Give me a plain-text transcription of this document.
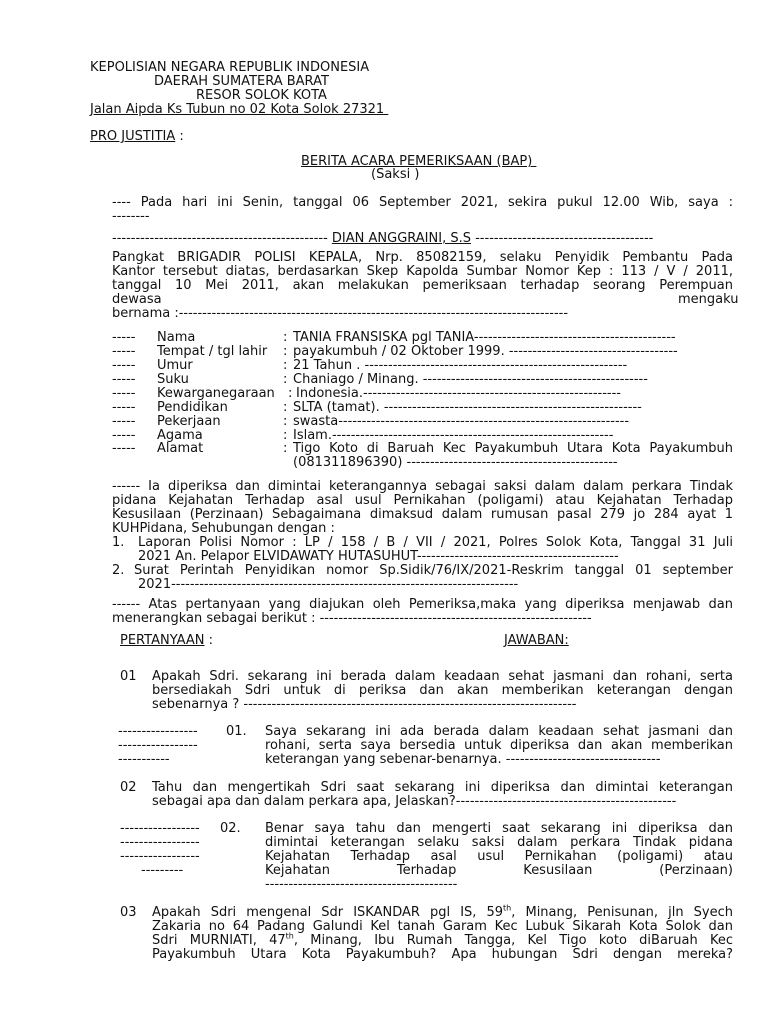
KEPOLISIAN NEGARA REPUBLIK INDONESIA
DAERAH SUMATERA BARAT
RESOR SOLOK KOTA
Jalan Aipda Ks Tubun no 02 Kota Solok 27321
PRO JUSTITIA :
BERITA ACARA PEMERIKSAAN (BAP)
(Saksi )
---- Pada hari ini Senin, tanggal 06 September 2021, sekira pukul 12.00 Wib, saya :
--------
---------------------------------------------- DIAN ANGGRAINI, S.S --------------------------------------
Pangkat BRIGADIR POLISI KEPALA, Nrp. 85082159, selaku Penyidik Pembantu Pada
Kantor tersebut diatas, berdasarkan Skep Kapolda Sumbar Nomor Kep : 113 / V / 2011,
tanggal 10 Mei 2011, akan melakukan pemeriksaan terhadap seorang Perempuan
dewasa	mengaku
bernama :-----------------------------------------------------------------------------------
----- Nama	: TANIA FRANSISKA pgl TANIA-------------------------------------------
----- Tempat / tgl lahir : payakumbuh / 02 Oktober 1999. ------------------------------------
----- Umur	: 21 Tahun . --------------------------------------------------------
----- Suku	: Chaniago / Minang. ------------------------------------------------
----- Kewarganegaraan : Indonesia.-------------------------------------------------------
----- Pendidikan	: SLTA (tamat). -------------------------------------------------------
----- Pekerjaan	: swasta--------------------------------------------------------------
----- Agama	: Islam.------------------------------------------------------------
----- Alamat	: Tigo Koto di Baruah Kec Payakumbuh Utara Kota Payakumbuh
(081311896390) ---------------------------------------------
------ Ia diperiksa dan dimintai keterangannya sebagai saksi dalam dalam perkara Tindak
pidana Kejahatan Terhadap asal usul Pernikahan (poligami) atau Kejahatan Terhadap
Kesusilaan (Perzinaan) Sebagaimana dimaksud dalam rumusan pasal 279 jo 284 ayat 1
KUHPidana, Sehubungan dengan :
1. Laporan Polisi Nomor : LP / 158 / B / VII / 2021, Polres Solok Kota, Tanggal 31 Juli
2021 An. Pelapor ELVIDAWATY HUTASUHUT-------------------------------------------
2. Surat Perintah Penyidikan nomor Sp.Sidik/76/IX/2021-Reskrim tanggal 01 september
2021--------------------------------------------------------------------------
------ Atas pertanyaan yang diajukan oleh Pemeriksa,maka yang diperiksa menjawab dan
menerangkan sebagai berikut : ----------------------------------------------------------
PERTANYAAN :	JAWABAN:
01 Apakah Sdri. sekarang ini berada dalam keadaan sehat jasmani dan rohani, serta
bersediakah Sdri untuk di periksa dan akan memberikan keterangan dengan
sebenarnya ? -----------------------------------------------------------------------
-----------------
-----------------
-----------
01. Saya sekarang ini ada berada dalam keadaan sehat jasmani dan
rohani, serta saya bersedia untuk diperiksa dan akan memberikan
keterangan yang sebenar-benarnya. ---------------------------------
02 Tahu dan mengertikah Sdri saat sekarang ini diperiksa dan dimintai keterangan
sebagai apa dan dalam perkara apa, Jelaskan?-----------------------------------------------
-----------------
-----------------
-----------------
---------
02. Benar saya tahu dan mengerti saat sekarang ini diperiksa dan
dimintai keterangan selaku saksi dalam perkara Tindak pidana
Kejahatan Terhadap asal usul Pernikahan (poligami) atau
Kejahatan Terhadap Kesusilaan (Perzinaan)
-----------------------------------------
03 Apakah Sdri mengenal Sdr ISKANDAR pgl IS, 59th, Minang, Penisunan, jln Syech
Zakaria no 64 Padang Galundi Kel tanah Garam Kec Lubuk Sikarah Kota Solok dan
Sdri MURNIATI, 47th, Minang, Ibu Rumah Tangga, Kel Tigo koto diBaruah Kec
Payakumbuh Utara Kota Payakumbuh? Apa hubungan Sdri dengan mereka?
